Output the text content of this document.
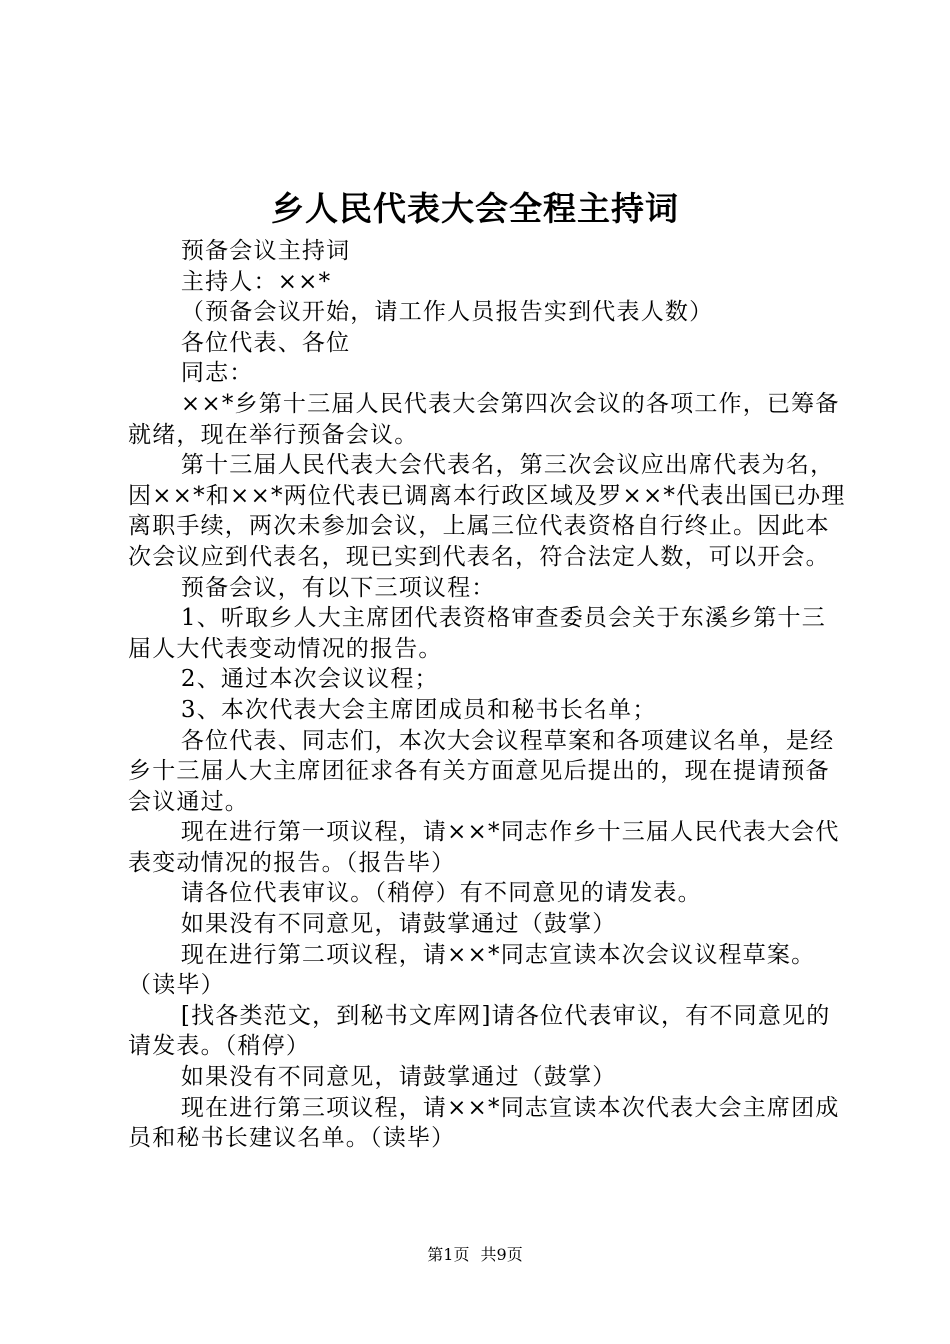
乡人民代表大会全程主持词

预备会议主持词

主持人：××*

（预备会议开始，请工作人员报告实到代表人数）

各位代表、各位

同志：

××*乡第十三届人民代表大会第四次会议的各项工作，已筹备就绪，现在举行预备会议。

第十三届人民代表大会代表名，第三次会议应出席代表为名，因××*和××*两位代表已调离本行政区域及罗××*代表出国已办理离职手续，两次未参加会议，上属三位代表资格自行终止。因此本次会议应到代表名，现已实到代表名，符合法定人数，可以开会。

预备会议，有以下三项议程：

1、听取乡人大主席团代表资格审查委员会关于东溪乡第十三届人大代表变动情况的报告。

2、通过本次会议议程；

3、本次代表大会主席团成员和秘书长名单；

各位代表、同志们，本次大会议程草案和各项建议名单，是经乡十三届人大主席团征求各有关方面意见后提出的，现在提请预备会议通过。

现在进行第一项议程，请××*同志作乡十三届人民代表大会代表变动情况的报告。（报告毕）

请各位代表审议。（稍停）有不同意见的请发表。

如果没有不同意见，请鼓掌通过（鼓掌）

现在进行第二项议程，请××*同志宣读本次会议议程草案。（读毕）

[找各类范文，到秘书文库网]请各位代表审议，有不同意见的请发表。（稍停）

如果没有不同意见，请鼓掌通过（鼓掌）

现在进行第三项议程，请××*同志宣读本次代表大会主席团成员和秘书长建议名单。（读毕）

第1页 共9页
